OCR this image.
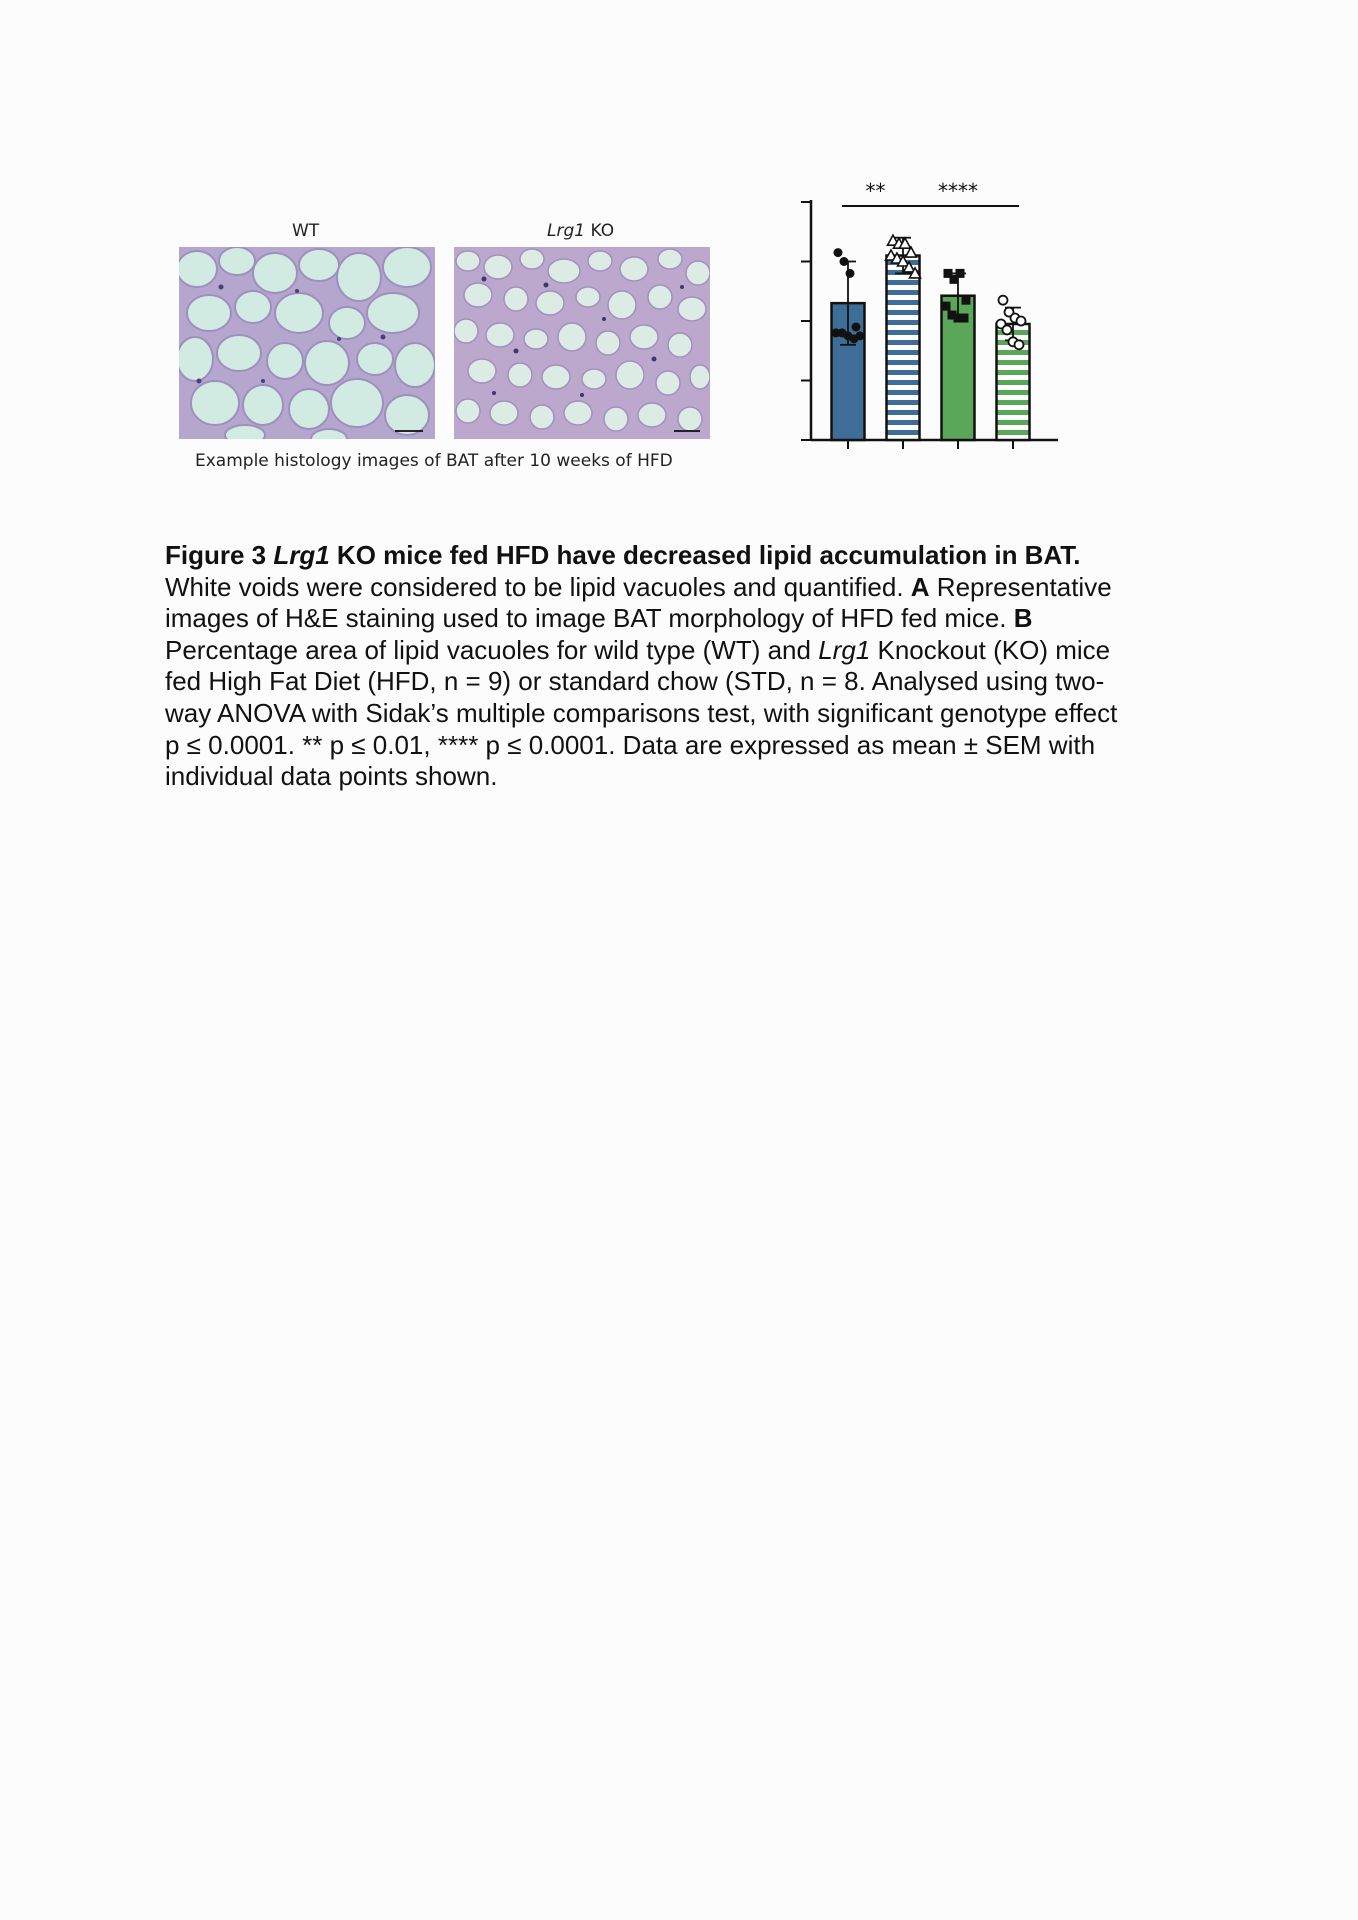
WT	Lrg1 KO
Example histology images of BAT after 10 weeks of HFD
**	****
Figure 3 Lrg1 KO mice fed HFD have decreased lipid accumulation in BAT.
White voids were considered to be lipid vacuoles and quantified. A Representative
images of H&E staining used to image BAT morphology of HFD fed mice. B
Percentage area of lipid vacuoles for wild type (WT) and Lrg1 Knockout (KO) mice
fed High Fat Diet (HFD, n = 9) or standard chow (STD, n = 8. Analysed using two-
way ANOVA with Sidak’s multiple comparisons test, with significant genotype effect
p ≤ 0.0001. ** p ≤ 0.01, **** p ≤ 0.0001. Data are expressed as mean ± SEM with
individual data points shown.
